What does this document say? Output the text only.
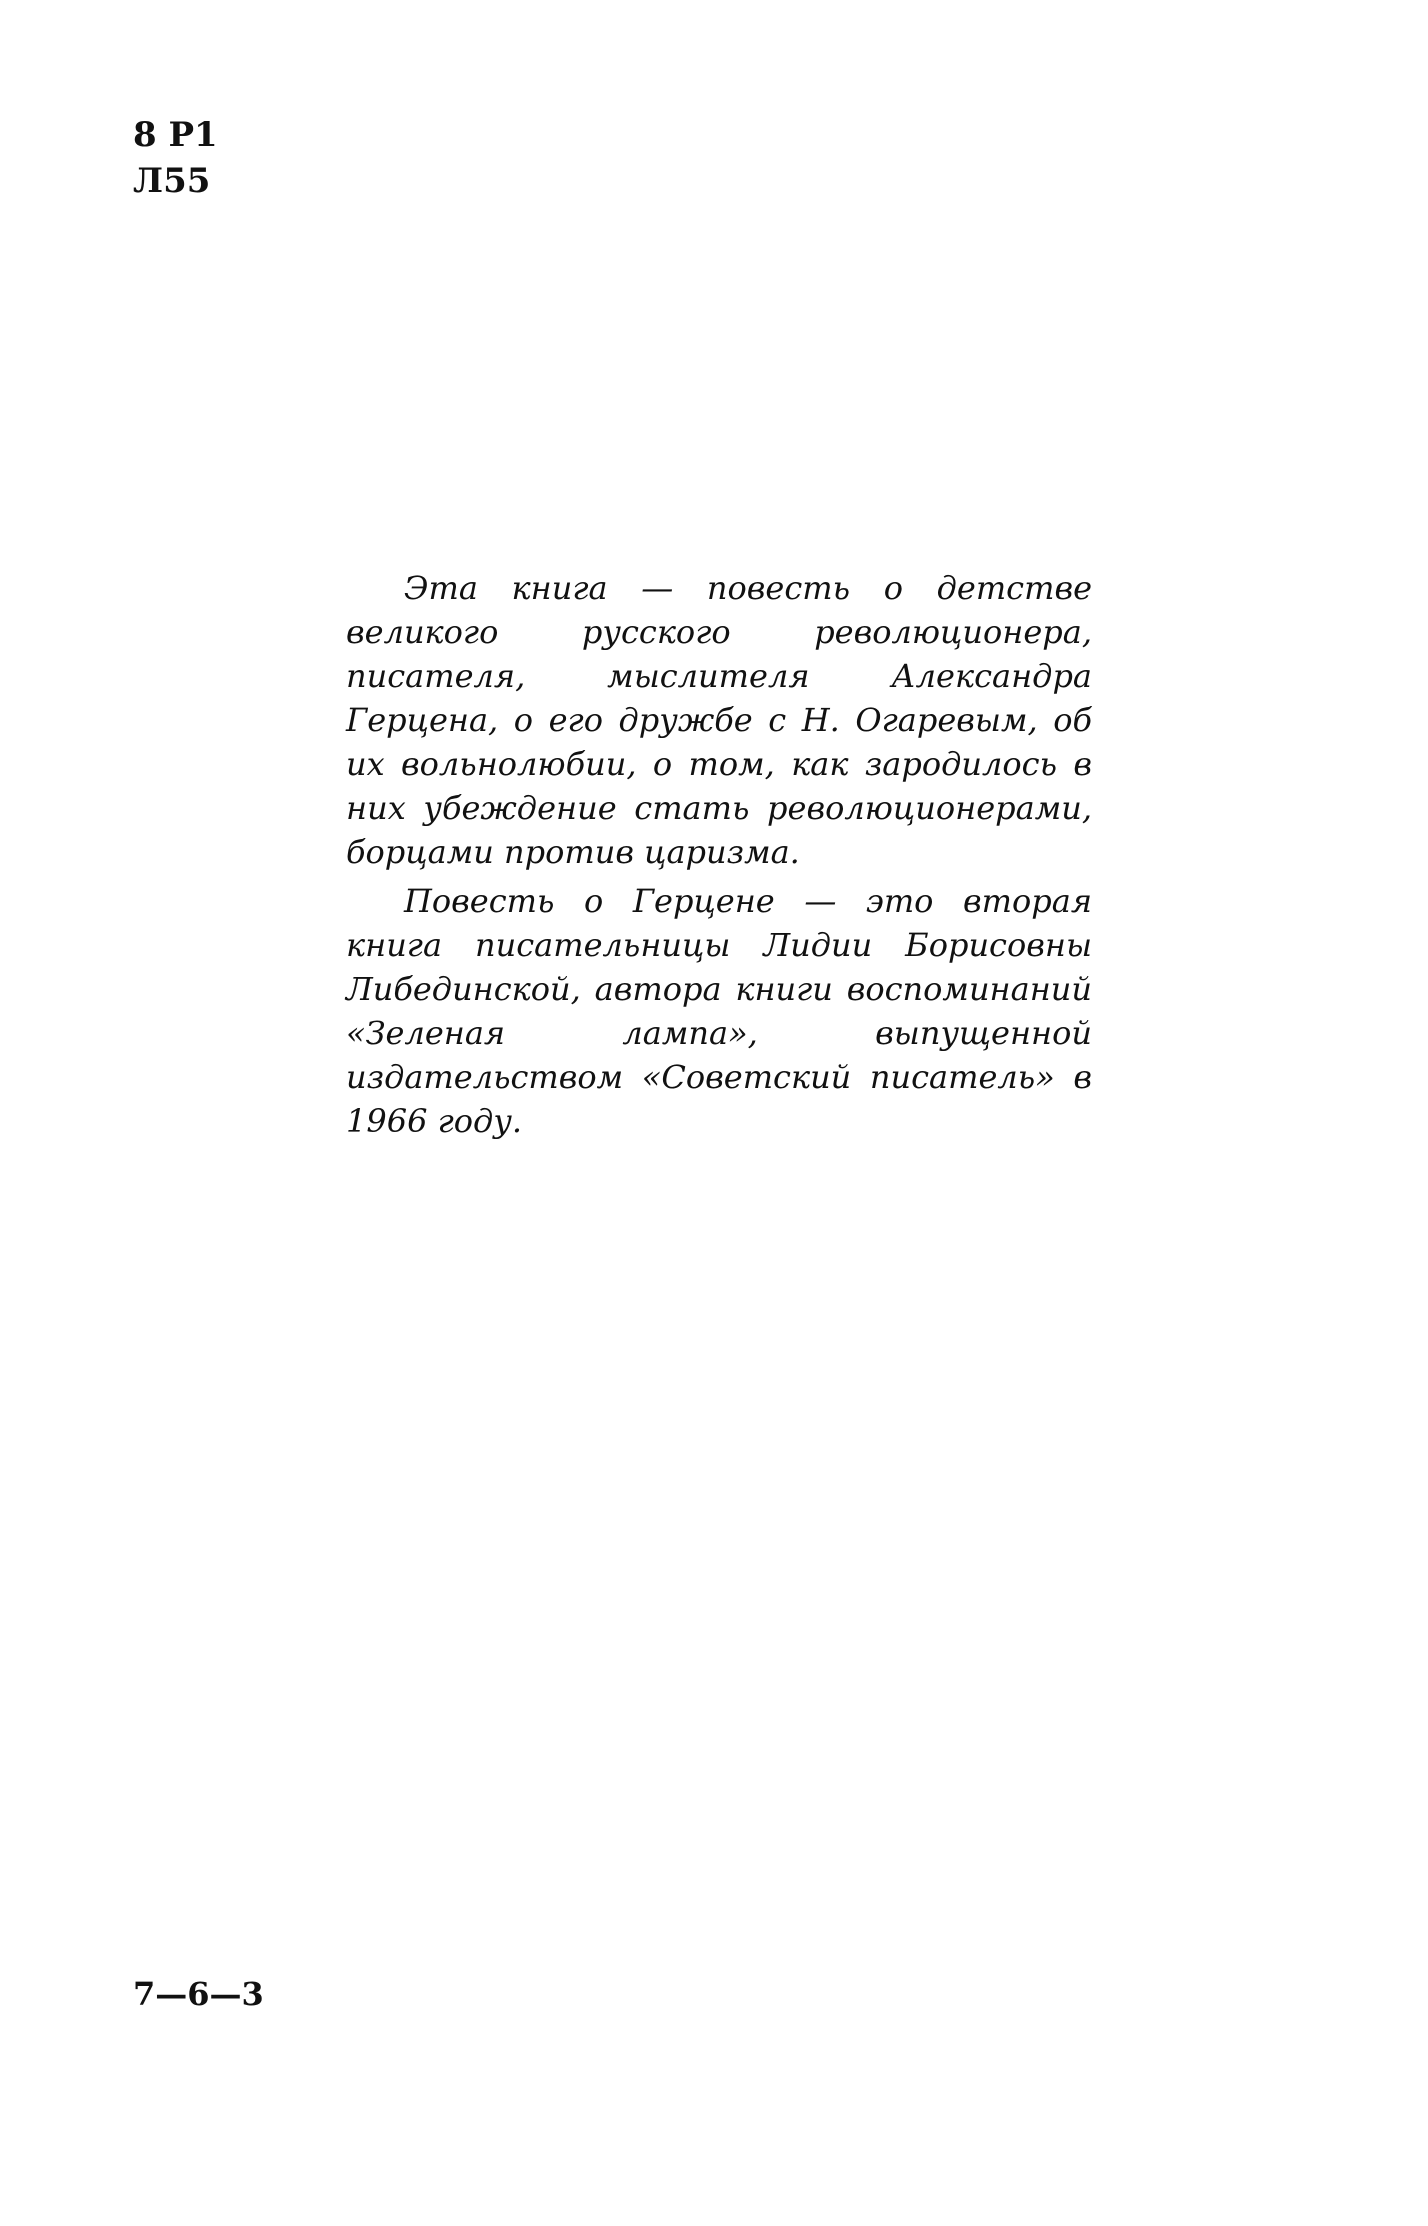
8 Р1
Л55

Эта книга — повесть о детстве великого русского революционера, писателя, мыслителя Александра Герцена, о его дружбе с Н. Огаревым, об их вольнолюбии, о том, как зародилось в них убеждение стать революционерами, борцами против царизма.

Повесть о Герцене — это вторая книга писательницы Лидии Борисовны Либединской, автора книги воспоминаний «Зеленая лампа», выпущенной издательством «Советский писатель» в 1966 году.

7—6—3
